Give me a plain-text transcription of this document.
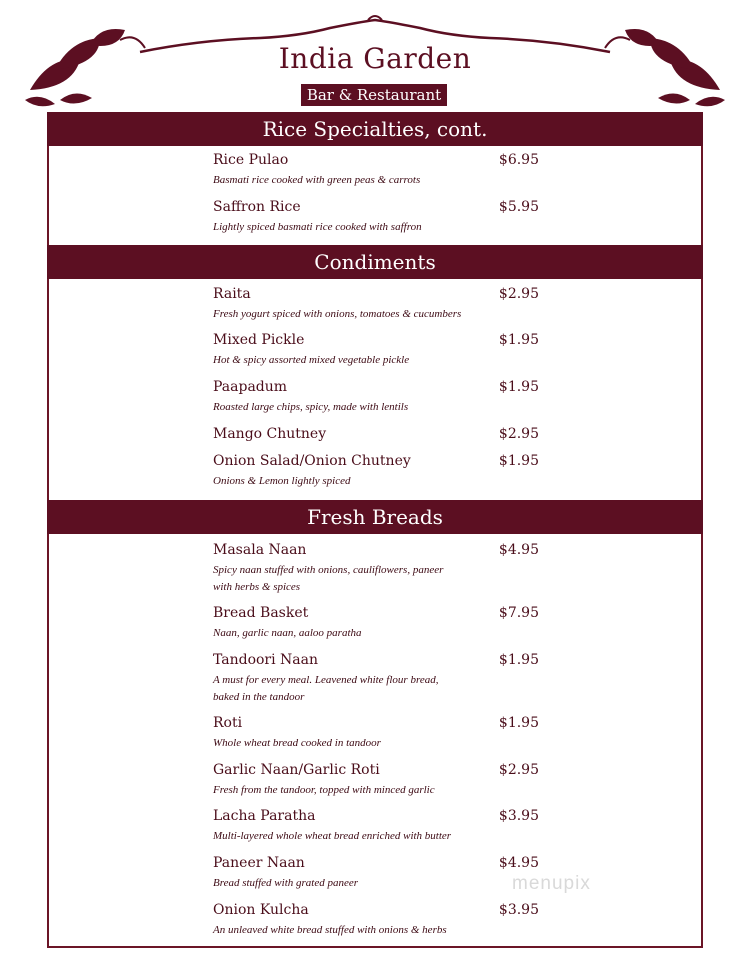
India Garden
Bar & Restaurant
Rice Specialties, cont.
Rice Pulao	$6.95
Basmati rice cooked with green peas & carrots
Saffron Rice	$5.95
Lightly spiced basmati rice cooked with saffron
Condiments
Raita	$2.95
Fresh yogurt spiced with onions, tomatoes & cucumbers
Mixed Pickle	$1.95
Hot & spicy assorted mixed vegetable pickle
Paapadum	$1.95
Roasted large chips, spicy, made with lentils
Mango Chutney	$2.95
Onion Salad/Onion Chutney	$1.95
Onions & Lemon lightly spiced
Fresh Breads
Masala Naan	$4.95
Spicy naan stuffed with onions, cauliflowers, paneer with herbs & spices
Bread Basket	$7.95
Naan, garlic naan, aaloo paratha
Tandoori Naan	$1.95
A must for every meal. Leavened white flour bread, baked in the tandoor
Roti	$1.95
Whole wheat bread cooked in tandoor
Garlic Naan/Garlic Roti	$2.95
Fresh from the tandoor, topped with minced garlic
Lacha Paratha	$3.95
Multi-layered whole wheat bread enriched with butter
Paneer Naan	$4.95
Bread stuffed with grated paneer
Onion Kulcha	$3.95
An unleaved white bread stuffed with onions & herbs
menupix
